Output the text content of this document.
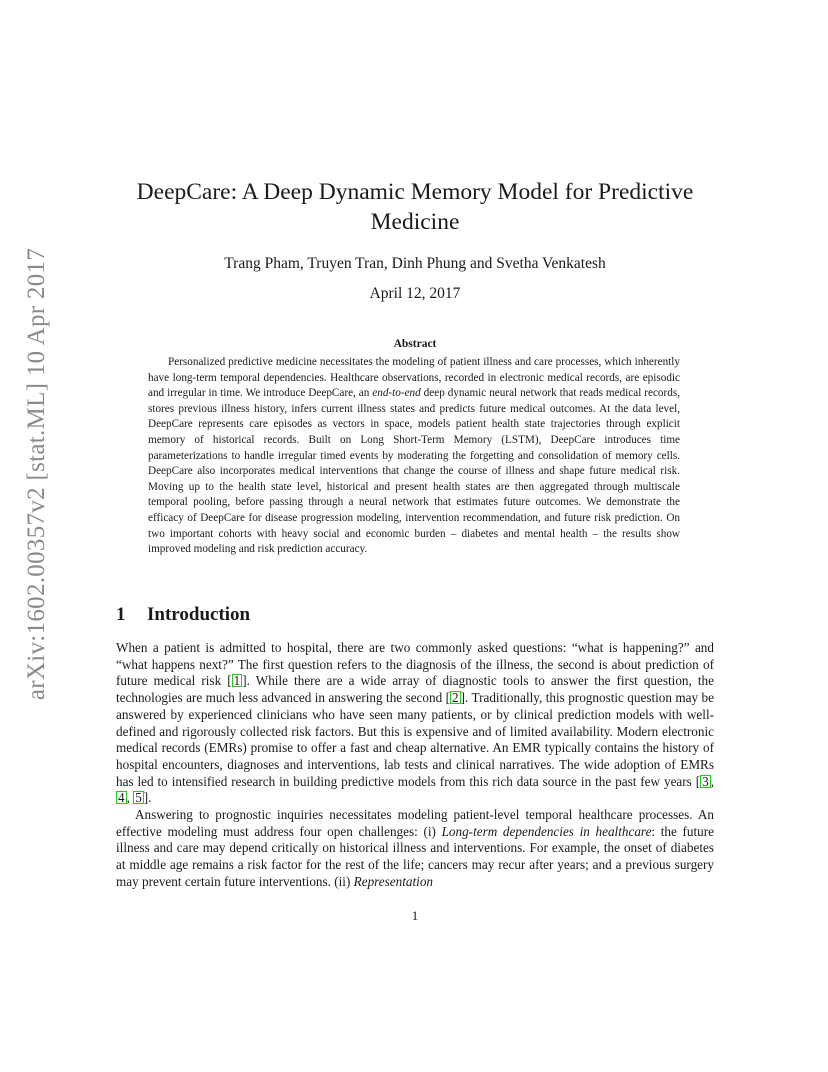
arXiv:1602.00357v2 [stat.ML] 10 Apr 2017
DeepCare: A Deep Dynamic Memory Model for Predictive Medicine
Trang Pham, Truyen Tran, Dinh Phung and Svetha Venkatesh
April 12, 2017
Abstract

Personalized predictive medicine necessitates the modeling of patient illness and care processes, which inherently have long-term temporal dependencies. Healthcare observations, recorded in electronic medical records, are episodic and irregular in time. We introduce DeepCare, an end-to-end deep dynamic neural network that reads medical records, stores previous illness history, infers current illness states and predicts future medical outcomes. At the data level, DeepCare represents care episodes as vectors in space, models patient health state trajectories through explicit memory of historical records. Built on Long Short-Term Memory (LSTM), DeepCare introduces time parameterizations to handle irregular timed events by moderating the forgetting and consolidation of memory cells. DeepCare also incorporates medical interventions that change the course of illness and shape future medical risk. Moving up to the health state level, historical and present health states are then aggregated through multiscale temporal pooling, before passing through a neural network that estimates future outcomes. We demonstrate the efficacy of DeepCare for disease progression modeling, intervention recommendation, and future risk prediction. On two important cohorts with heavy social and economic burden – diabetes and mental health – the results show improved modeling and risk prediction accuracy.

1 Introduction

When a patient is admitted to hospital, there are two commonly asked questions: “what is happening?” and “what happens next?” The first question refers to the diagnosis of the illness, the second is about prediction of future medical risk [ 1 ]. While there are a wide array of diagnostic tools to answer the first question, the technologies are much less advanced in answering the second [ 2 ]. Traditionally, this prognostic question may be answered by experienced clinicians who have seen many patients, or by clinical prediction models with well-defined and rigorously collected risk factors. But this is expensive and of limited availability. Modern electronic medical records (EMRs) promise to offer a fast and cheap alternative. An EMR typically contains the history of hospital encounters, diagnoses and interventions, lab tests and clinical narratives. The wide adoption of EMRs has led to intensified research in building predictive models from this rich data source in the past few years [ 3 , 4 , 5 ].

Answering to prognostic inquiries necessitates modeling patient-level temporal healthcare processes. An effective modeling must address four open challenges: (i) Long-term dependencies in healthcare: the future illness and care may depend critically on historical illness and interventions. For example, the onset of diabetes at middle age remains a risk factor for the rest of the life; cancers may recur after years; and a previous surgery may prevent certain future interventions. (ii) Representation

1
